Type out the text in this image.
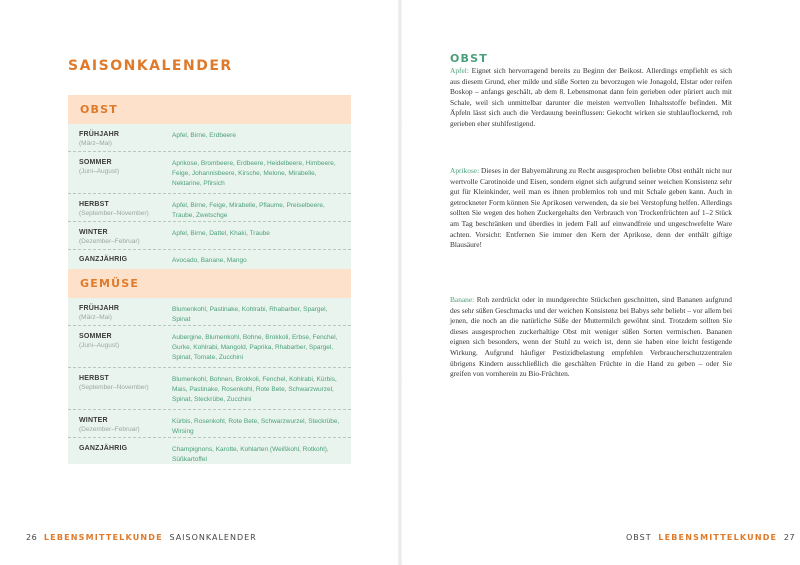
SAISONKALENDER
OBST
FRÜHJAHR
(März–Mai)
Apfel, Birne, Erdbeere
SOMMER
(Juni–August)
Aprikose, Brombeere, Erdbeere, Heidelbeere, Himbeere, Feige, Johannisbeere, Kirsche, Melone, Mirabelle, Nektarine, Pfirsich
HERBST
(September–November)
Apfel, Birne, Feige, Mirabelle, Pflaume, Preiselbeere, Traube, Zwetschge
WINTER
(Dezember–Februar)
Apfel, Birne, Dattel, Khaki, Traube
GANZJÄHRIG	Avocado, Banane, Mango
GEMÜSE
FRÜHJAHR
(März–Mai)
Blumenkohl, Pastinake, Kohlrabi, Rhabarber, Spargel, Spinat
SOMMER
(Juni–August)
Aubergine, Blumenkohl, Bohne, Brokkoli, Erbse, Fenchel, Gurke, Kohlrabi, Mangold, Paprika, Rhabarber, Spargel, Spinat, Tomate, Zucchini
HERBST
(September–November)
Blumenkohl, Bohnen, Brokkoli, Fenchel, Kohlrabi, Kürbis, Mais, Pastinake, Rosenkohl, Rote Bete, Schwarzwurzel, Spinat, Steckrübe, Zucchini
WINTER
(Dezember–Februar)
Kürbis, Rosenkohl, Rote Bete, Schwarzwurzel, Steckrübe, Wirsing
GANZJÄHRIG	Champignons, Karotte, Kohlarten (Weißkohl, Rotkohl), Süßkartoffel
26 LEBENSMITTELKUNDE SAISONKALENDER
OBST

Apfel: Eignet sich hervorragend bereits zu Beginn der Beikost. Allerdings empfiehlt es sich aus diesem Grund, eher milde und süße Sorten zu bevorzugen wie Jonagold, Elstar oder reifen Boskop – anfangs geschält, ab dem 8. Lebensmonat dann fein gerieben oder püriert auch mit Schale, weil sich unmittelbar darunter die meisten wertvollen Inhaltsstoffe befinden. Mit Äpfeln lässt sich auch die Verdauung beeinflussen: Gekocht wirken sie stuhlauflockernd, roh gerieben eher stuhlfestigend.

Aprikose: Dieses in der Babyernährung zu Recht ausgesprochen beliebte Obst enthält nicht nur wertvolle Carotinoide und Eisen, sondern eignet sich aufgrund seiner weichen Konsistenz sehr gut für Kleinkinder, weil man es ihnen problemlos roh und mit Schale geben kann. Auch in getrockneter Form können Sie Aprikosen verwenden, da sie bei Verstopfung helfen. Allerdings sollten Sie wegen des hohen Zuckergehalts den Verbrauch von Trockenfrüchten auf 1–2 Stück am Tag beschränken und überdies in jedem Fall auf einwandfreie und ungeschwefelte Ware achten. Vorsicht: Entfernen Sie immer den Kern der Aprikose, denn der enthält giftige Blausäure!

Banane: Roh zerdrückt oder in mundgerechte Stückchen geschnitten, sind Bananen aufgrund des sehr süßen Geschmacks und der weichen Konsistenz bei Babys sehr beliebt – vor allem bei jenen, die noch an die natürliche Süße der Muttermilch gewöhnt sind. Trotzdem sollten Sie dieses ausgesprochen zuckerhaltige Obst mit weniger süßen Sorten vermischen. Bananen eignen sich besonders, wenn der Stuhl zu weich ist, denn sie haben eine leicht festigende Wirkung. Aufgrund häufiger Pestizidbelastung empfehlen Verbraucherschutzzentralen übrigens Kindern ausschließlich die geschälten Früchte in die Hand zu geben – oder Sie greifen von vornherein zu Bio-Früchten.

OBST LEBENSMITTELKUNDE 27
